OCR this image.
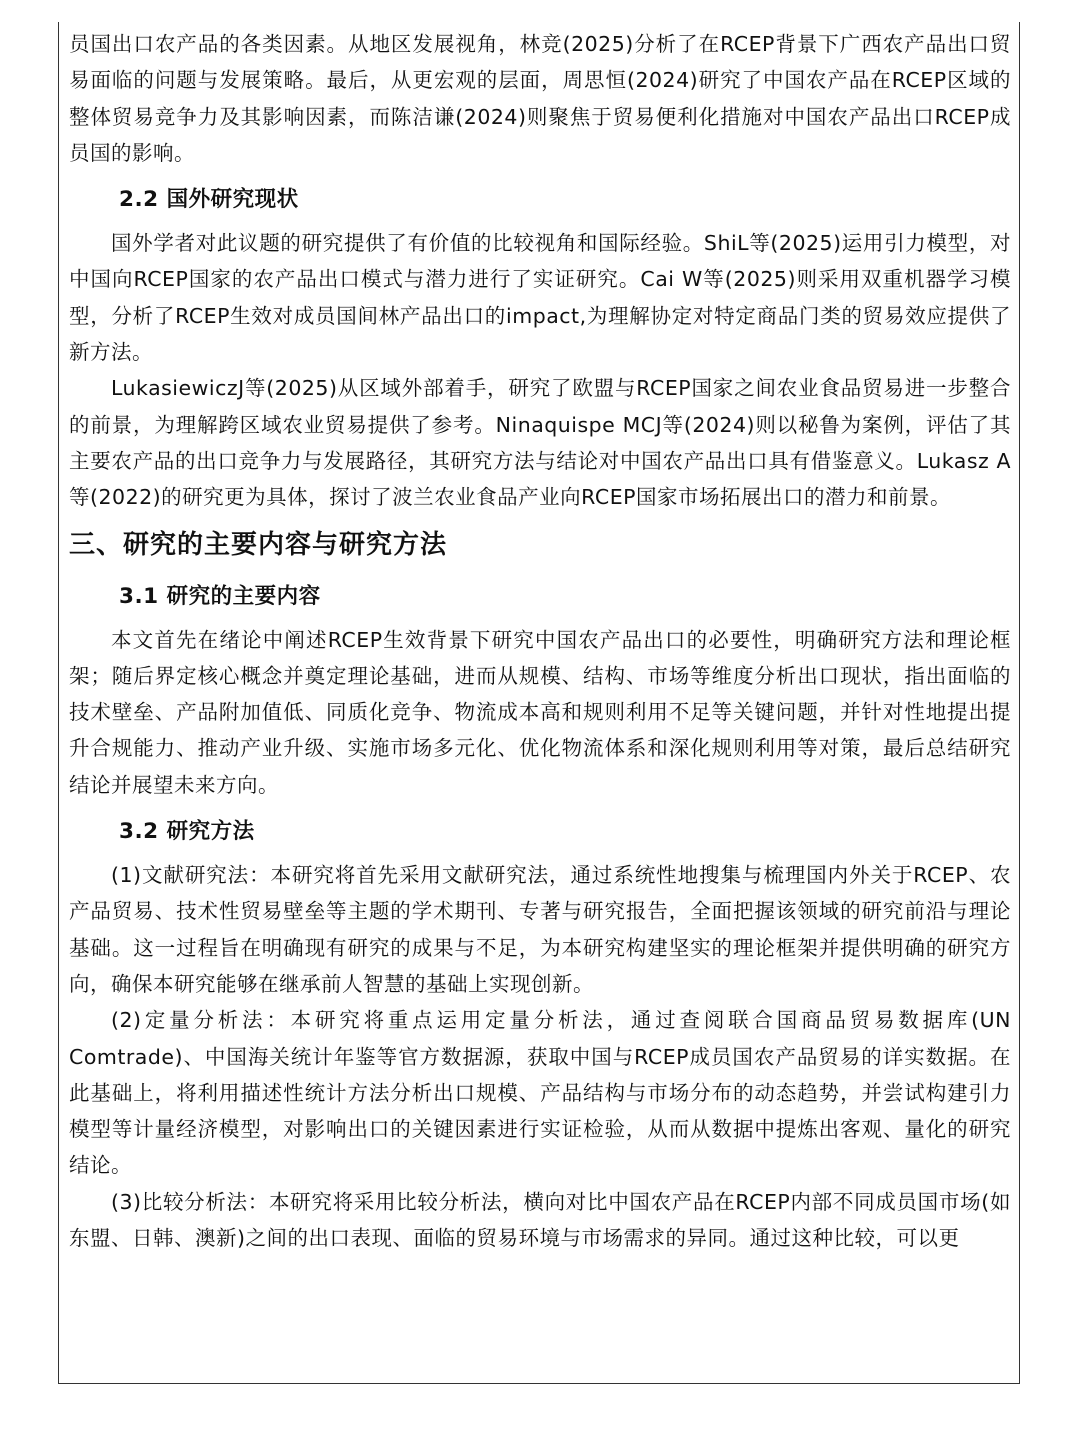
员国出口农产品的各类因素。从地区发展视角，林竞(2025)分析了在RCEP背景下广西农产品出口贸易面临的问题与发展策略。最后，从更宏观的层面，周思恒(2024)研究了中国农产品在RCEP区域的整体贸易竞争力及其影响因素，而陈洁谦(2024)则聚焦于贸易便利化措施对中国农产品出口RCEP成员国的影响。

2.2 国外研究现状

国外学者对此议题的研究提供了有价值的比较视角和国际经验。ShiL等(2025)运用引力模型，对中国向RCEP国家的农产品出口模式与潜力进行了实证研究。Cai W等(2025)则采用双重机器学习模型，分析了RCEP生效对成员国间林产品出口的impact,为理解协定对特定商品门类的贸易效应提供了新方法。

LukasiewiczJ等(2025)从区域外部着手，研究了欧盟与RCEP国家之间农业食品贸易进一步整合的前景，为理解跨区域农业贸易提供了参考。Ninaquispe MCJ等(2024)则以秘鲁为案例，评估了其主要农产品的出口竞争力与发展路径，其研究方法与结论对中国农产品出口具有借鉴意义。Lukasz A等(2022)的研究更为具体，探讨了波兰农业食品产业向RCEP国家市场拓展出口的潜力和前景。

三、研究的主要内容与研究方法
3.1 研究的主要内容

本文首先在绪论中阐述RCEP生效背景下研究中国农产品出口的必要性，明确研究方法和理论框架；随后界定核心概念并奠定理论基础，进而从规模、结构、市场等维度分析出口现状，指出面临的技术壁垒、产品附加值低、同质化竞争、物流成本高和规则利用不足等关键问题，并针对性地提出提升合规能力、推动产业升级、实施市场多元化、优化物流体系和深化规则利用等对策，最后总结研究结论并展望未来方向。

3.2 研究方法

(1)文献研究法：本研究将首先采用文献研究法，通过系统性地搜集与梳理国内外关于RCEP、农产品贸易、技术性贸易壁垒等主题的学术期刊、专著与研究报告，全面把握该领域的研究前沿与理论基础。这一过程旨在明确现有研究的成果与不足，为本研究构建坚实的理论框架并提供明确的研究方向，确保本研究能够在继承前人智慧的基础上实现创新。

(2)定量分析法：本研究将重点运用定量分析法，通过查阅联合国商品贸易数据库(UN Comtrade)、中国海关统计年鉴等官方数据源，获取中国与RCEP成员国农产品贸易的详实数据。在此基础上，将利用描述性统计方法分析出口规模、产品结构与市场分布的动态趋势，并尝试构建引力模型等计量经济模型，对影响出口的关键因素进行实证检验，从而从数据中提炼出客观、量化的研究结论。

(3)比较分析法：本研究将采用比较分析法，横向对比中国农产品在RCEP内部不同成员国市场(如东盟、日韩、澳新)之间的出口表现、面临的贸易环境与市场需求的异同。通过这种比较，可以更
